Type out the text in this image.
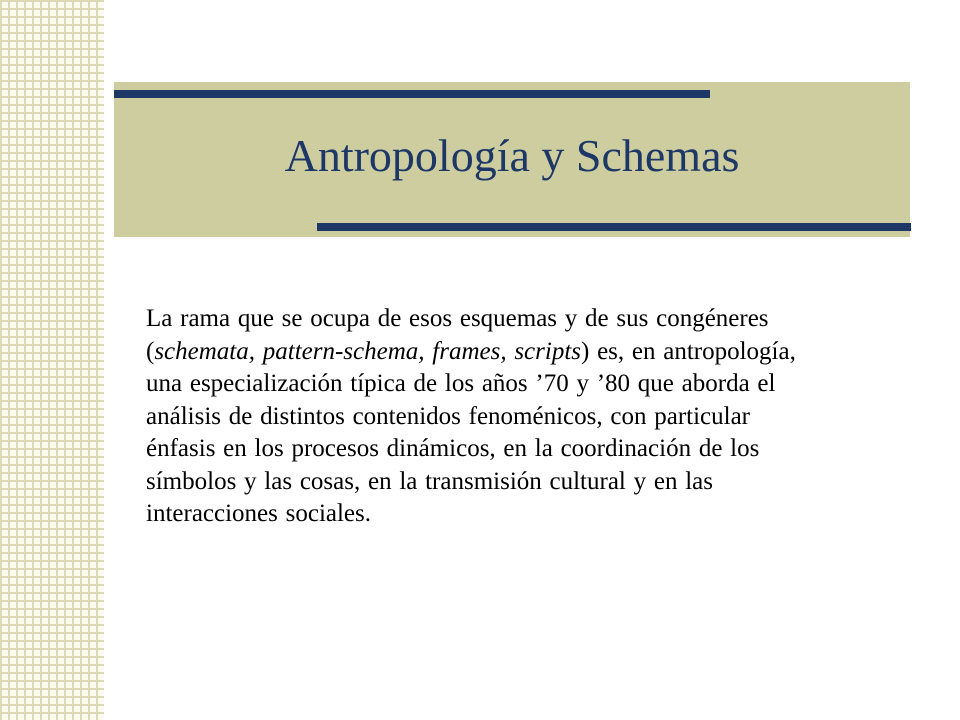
Antropología y Schemas

La rama que se ocupa de esos esquemas y de sus congéneres (schemata, pattern-schema, frames, scripts) es, en antropología, una especialización típica de los años ’70 y ’80 que aborda el análisis de distintos contenidos fenoménicos, con particular énfasis en los procesos dinámicos, en la coordinación de los símbolos y las cosas, en la transmisión cultural y en las interacciones sociales.
